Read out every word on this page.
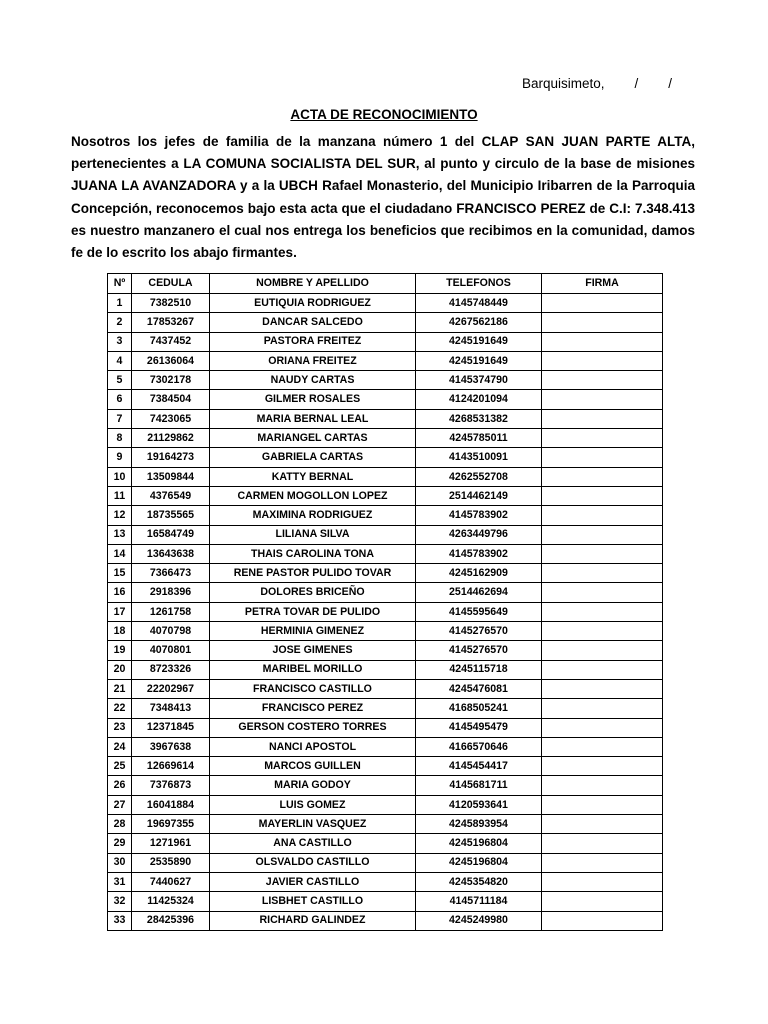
Barquisimeto,        /        /
ACTA DE RECONOCIMIENTO

Nosotros los jefes de familia de la manzana número 1 del CLAP SAN JUAN PARTE ALTA, pertenecientes a LA COMUNA SOCIALISTA DEL SUR, al punto y circulo de la base de misiones JUANA LA AVANZADORA y a la UBCH Rafael Monasterio, del Municipio Iribarren de la Parroquia Concepción, reconocemos bajo esta acta que el ciudadano FRANCISCO PEREZ de C.I: 7.348.413 es nuestro manzanero el cual nos entrega los beneficios que recibimos en la comunidad, damos fe de lo escrito los abajo firmantes.

Nº	CEDULA	NOMBRE Y APELLIDO	TELEFONOS	FIRMA
1	7382510	EUTIQUIA RODRIGUEZ	4145748449	
2	17853267	DANCAR SALCEDO	4267562186	
3	7437452	PASTORA FREITEZ	4245191649	
4	26136064	ORIANA FREITEZ	4245191649	
5	7302178	NAUDY CARTAS	4145374790	
6	7384504	GILMER ROSALES	4124201094	
7	7423065	MARIA BERNAL LEAL	4268531382	
8	21129862	MARIANGEL CARTAS	4245785011	
9	19164273	GABRIELA CARTAS	4143510091	
10	13509844	KATTY BERNAL	4262552708	
11	4376549	CARMEN MOGOLLON LOPEZ	2514462149	
12	18735565	MAXIMINA RODRIGUEZ	4145783902	
13	16584749	LILIANA SILVA	4263449796	
14	13643638	THAIS CAROLINA TONA	4145783902	
15	7366473	RENE PASTOR PULIDO TOVAR	4245162909	
16	2918396	DOLORES BRICEÑO	2514462694	
17	1261758	PETRA TOVAR DE PULIDO	4145595649	
18	4070798	HERMINIA GIMENEZ	4145276570	
19	4070801	JOSE GIMENES	4145276570	
20	8723326	MARIBEL MORILLO	4245115718	
21	22202967	FRANCISCO CASTILLO	4245476081	
22	7348413	FRANCISCO PEREZ	4168505241	
23	12371845	GERSON COSTERO TORRES	4145495479	
24	3967638	NANCI APOSTOL	4166570646	
25	12669614	MARCOS GUILLEN	4145454417	
26	7376873	MARIA GODOY	4145681711	
27	16041884	LUIS GOMEZ	4120593641	
28	19697355	MAYERLIN VASQUEZ	4245893954	
29	1271961	ANA CASTILLO	4245196804	
30	2535890	OLSVALDO CASTILLO	4245196804	
31	7440627	JAVIER CASTILLO	4245354820	
32	11425324	LISBHET CASTILLO	4145711184	
33	28425396	RICHARD GALINDEZ	4245249980	
